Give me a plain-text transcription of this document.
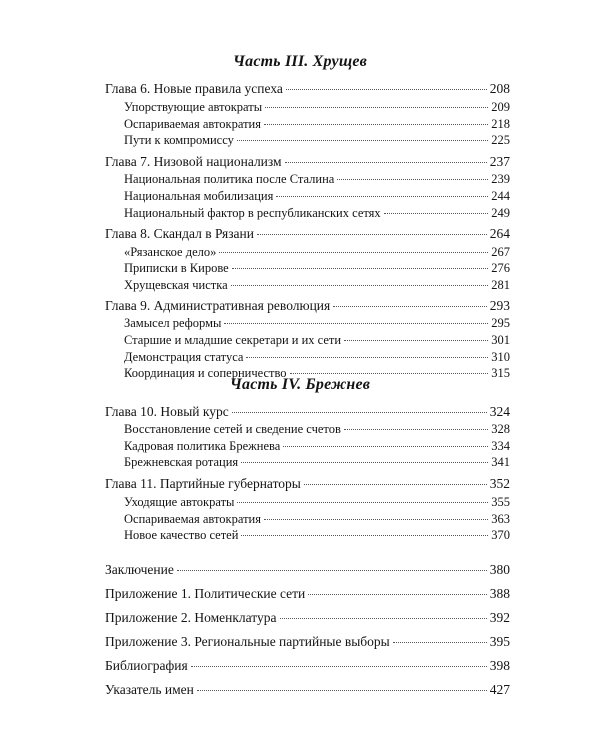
Часть III. Хрущев
Глава 6. Новые правила успеха	208
Упорствующие автократы	209
Оспариваемая автократия	218
Пути к компромиссу	225
Глава 7. Низовой национализм	237
Национальная политика после Сталина	239
Национальная мобилизация	244
Национальный фактор в республиканских сетях	249
Глава 8. Скандал в Рязани	264
«Рязанское дело»	267
Приписки в Кирове	276
Хрущевская чистка	281
Глава 9. Административная революция	293
Замысел реформы	295
Старшие и младшие секретари и их сети	301
Демонстрация статуса	310
Координация и соперничество	315
Часть IV. Брежнев
Глава 10. Новый курс	324
Восстановление сетей и сведение счетов	328
Кадровая политика Брежнева	334
Брежневская ротация	341
Глава 11. Партийные губернаторы	352
Уходящие автократы	355
Оспариваемая автократия	363
Новое качество сетей	370
Заключение	380
Приложение 1. Политические сети	388
Приложение 2. Номенклатура	392
Приложение 3. Региональные партийные выборы	395
Библиография	398
Указатель имен	427
